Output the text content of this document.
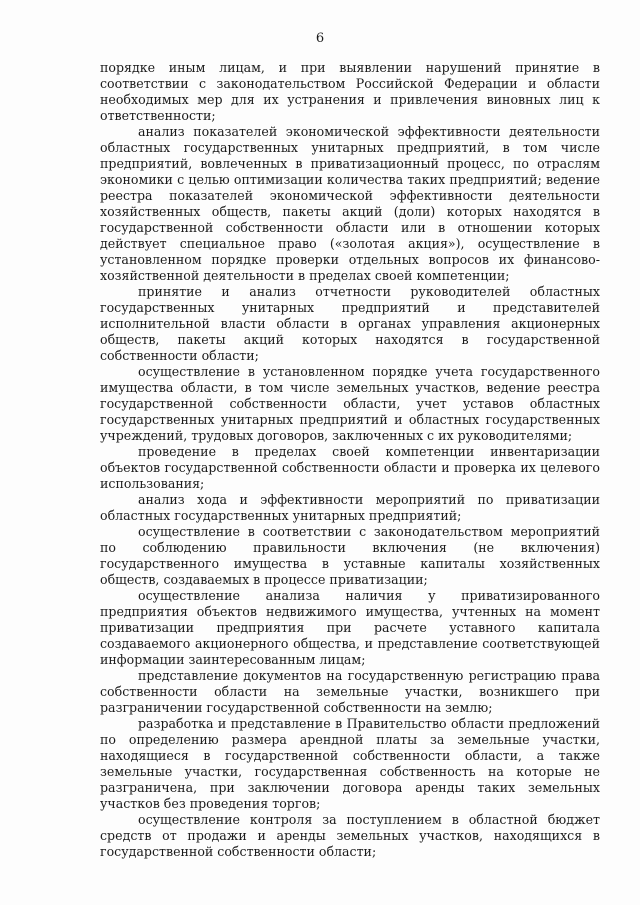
6

порядке иным лицам, и при выявлении нарушений принятие в соответствии с законодательством Российской Федерации и области необходимых мер для их устранения и привлечения виновных лиц к ответственности;

анализ показателей экономической эффективности деятельности областных государственных унитарных предприятий, в том числе предприятий, вовлеченных в приватизационный процесс, по отраслям экономики с целью оптимизации количества таких предприятий; ведение реестра показателей экономической эффективности деятельности хозяйственных обществ, пакеты акций (доли) которых находятся в государственной собственности области или в отношении которых действует специальное право («золотая акция»), осуществление в установленном порядке проверки отдельных вопросов их финансово-хозяйственной деятельности в пределах своей компетенции;

принятие и анализ отчетности руководителей областных государственных унитарных предприятий и представителей исполнительной власти области в органах управления акционерных обществ, пакеты акций которых находятся в государственной собственности области;

осуществление в установленном порядке учета государственного имущества области, в том числе земельных участков, ведение реестра государственной собственности области, учет уставов областных государственных унитарных предприятий и областных государственных учреждений, трудовых договоров, заключенных с их руководителями;

проведение в пределах своей компетенции инвентаризации объектов государственной собственности области и проверка их целевого использования;

анализ хода и эффективности мероприятий по приватизации областных государственных унитарных предприятий;

осуществление в соответствии с законодательством мероприятий по соблюдению правильности включения (не включения) государственного имущества в уставные капиталы хозяйственных обществ, создаваемых в процессе приватизации;

осуществление анализа наличия у приватизированного предприятия объектов недвижимого имущества, учтенных на момент приватизации предприятия при расчете уставного капитала создаваемого акционерного общества, и представление соответствующей информации заинтересованным лицам;

представление документов на государственную регистрацию права собственности области на земельные участки, возникшего при разграничении государственной собственности на землю;

разработка и представление в Правительство области предложений по определению размера арендной платы за земельные участки, находящиеся в государственной собственности области, а также земельные участки, государственная собственность на которые не разграничена, при заключении договора аренды таких земельных участков без проведения торгов;

осуществление контроля за поступлением в областной бюджет средств от продажи и аренды земельных участков, находящихся в государственной собственности области;
